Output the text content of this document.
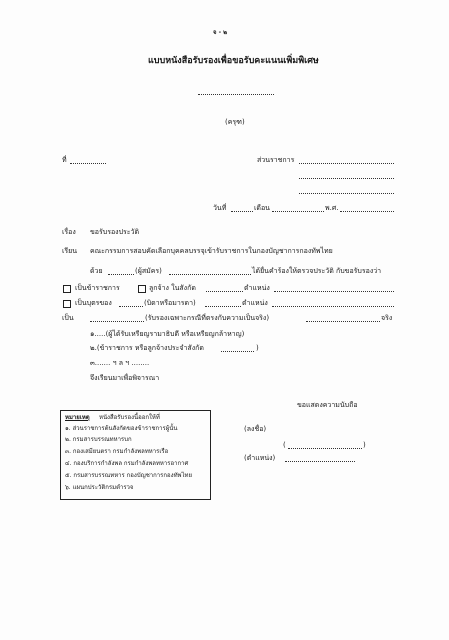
จ - ๒
แบบหนังสือรับรองเพื่อขอรับคะแนนเพิ่มพิเศษ
(ครุฑ)
ที่	ส่วนราชการ
วันที่	เดือน	พ.ศ.
เรื่อง ขอรับรองประวัติ
เรียน คณะกรรมการสอบคัดเลือกบุคคลบรรจุเข้ารับราชการในกองบัญชาการกองทัพไทย
ด้วย	(ผู้สมัคร)	ได้ยื่นคำร้องให้ตรวจประวัติ กับขอรับรองว่า
เป็นข้าราชการ	ลูกจ้าง ในสังกัด	ตำแหน่ง
เป็นบุตรของ	(บิดาหรือมารดา)	ตำแหน่ง
เป็น	(รับรองเฉพาะกรณีที่ตรงกับความเป็นจริง)	จริง
๑.....(ผู้ได้รับเหรียญรามาธิบดี หรือเหรียญกล้าหาญ)
๒.(ข้าราชการ หรือลูกจ้างประจำสังกัด	)
๓....... ฯ ล ฯ ........
จึงเรียนมาเพื่อพิจารณา
ขอแสดงความนับถือ
(ลงชื่อ)
(	)
(ตำแหน่ง)
หมายเหตุ หนังสือรับรองนี้ออกให้ที่
๑. ส่วนราชการต้นสังกัดของข้าราชการผู้นั้น
๒. กรมสารบรรณทหารบก
๓. กองเสมียนตรา กรมกำลังพลทหารเรือ
๔. กองบริการกำลังพล กรมกำลังพลทหารอากาศ
๕. กรมสารบรรณทหาร กองบัญชาการกองทัพไทย
๖. แผนกประวัติกรมตำรวจ
